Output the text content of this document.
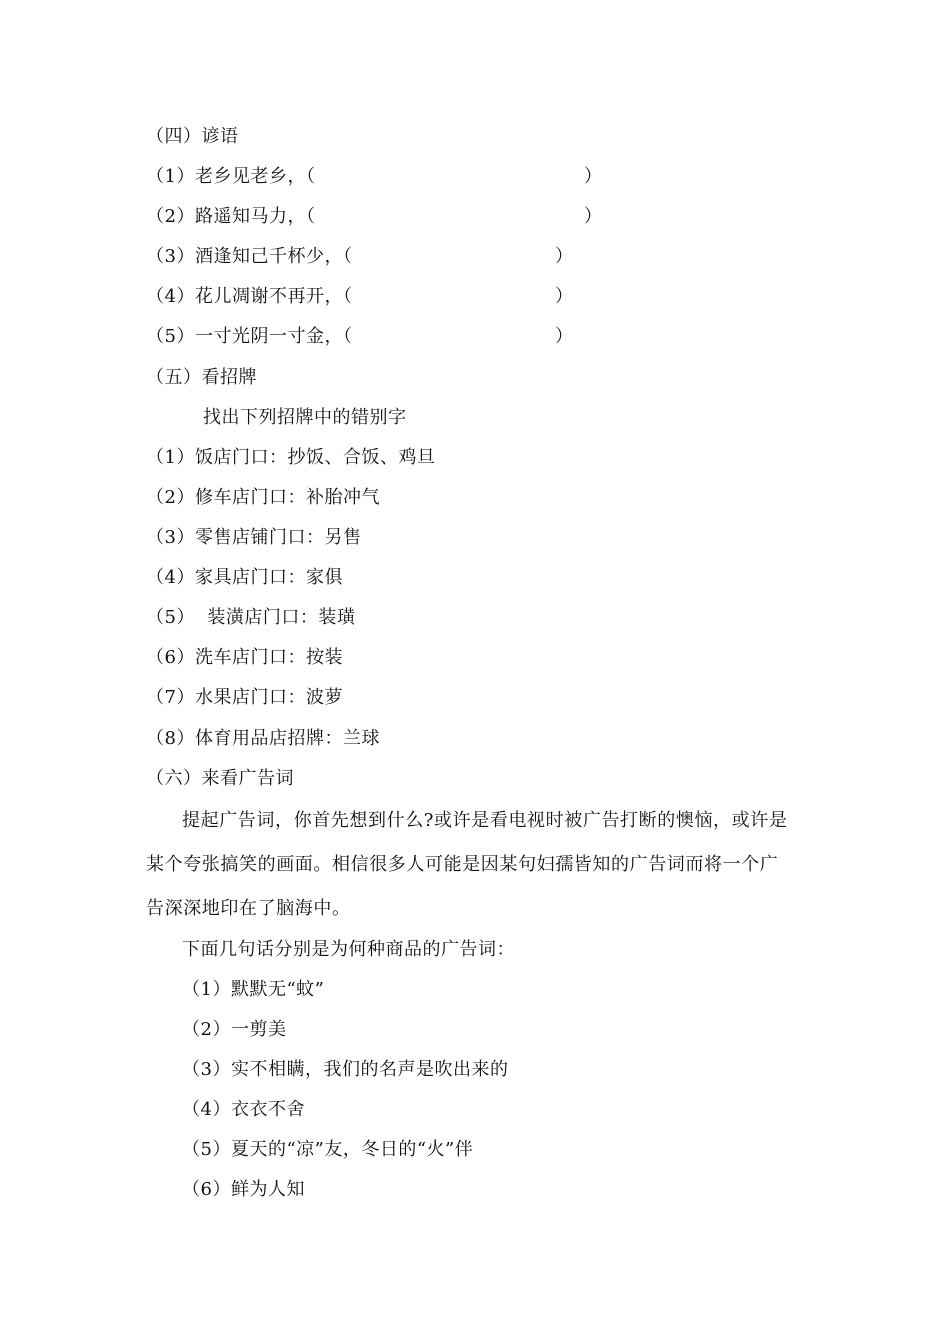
（四）谚语
（1）老乡见老乡，（	）
（2）路遥知马力，（	）
（3）酒逢知己千杯少，（	）
（4）花儿凋谢不再开，（	）
（5）一寸光阴一寸金，（	）
（五）看招牌
找出下列招牌中的错别字
（1）饭店门口：抄饭、合饭、鸡旦
（2）修车店门口：补胎冲气
（3）零售店铺门口：另售
（4）家具店门口：家俱
（5）  装潢店门口：装璜
（6）洗车店门口：按装
（7）水果店门口：波萝
（8）体育用品店招牌：兰球
（六）来看广告词
提起广告词，你首先想到什么?或许是看电视时被广告打断的懊恼，或许是
某个夸张搞笑的画面。相信很多人可能是因某句妇孺皆知的广告词而将一个广
告深深地印在了脑海中。
下面几句话分别是为何种商品的广告词：
（1）默默无“蚊”
（2）一剪美
（3）实不相瞒，我们的名声是吹出来的
（4）衣衣不舍
（5）夏天的“凉”友，冬日的“火”伴
（6）鲜为人知
